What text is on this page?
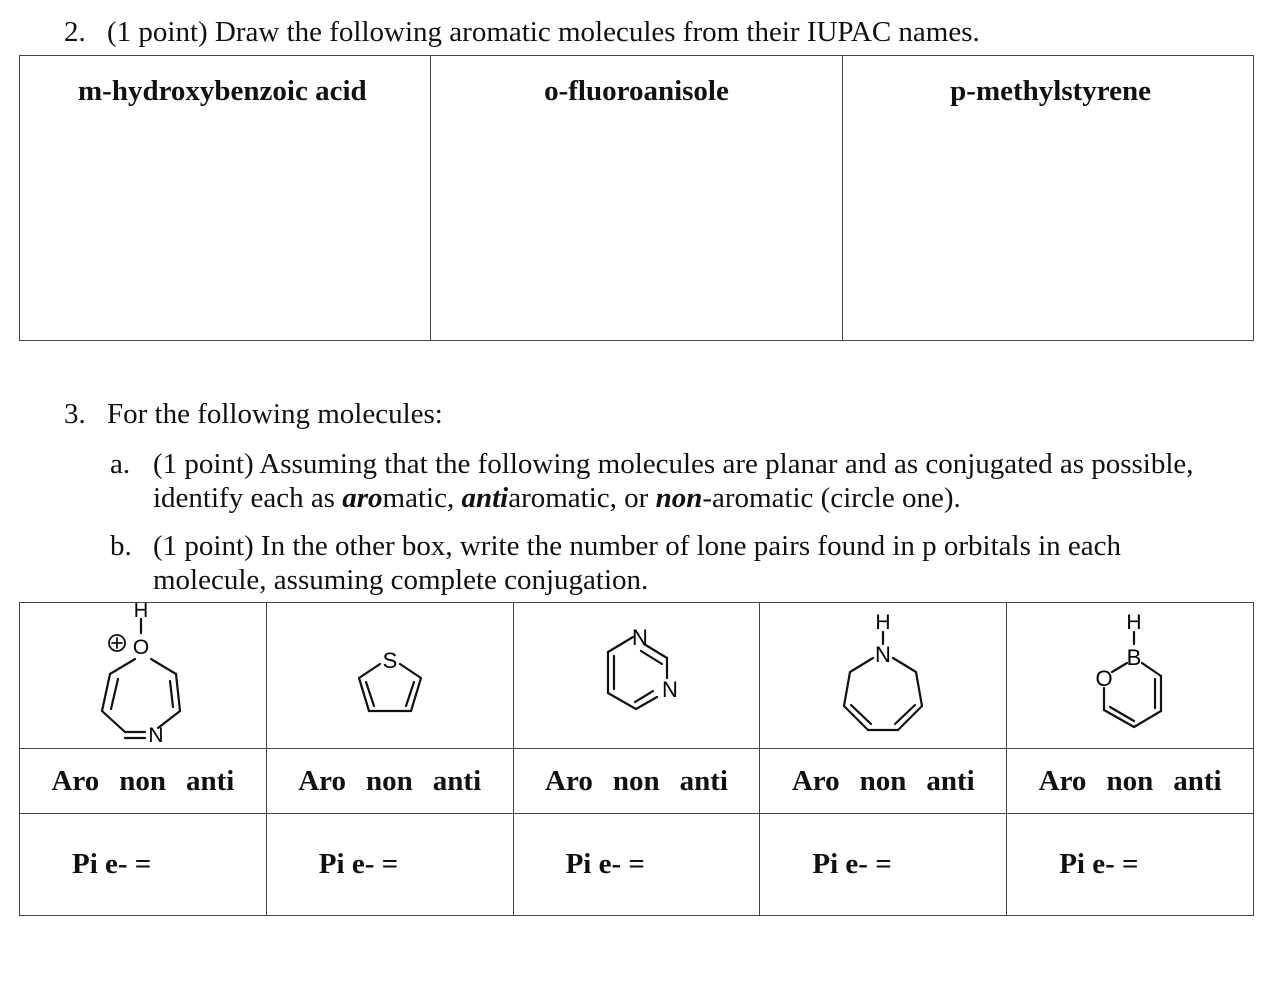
2. (1 point) Draw the following aromatic molecules from their IUPAC names.
m-hydroxybenzoic acid	o-fluoroanisole	p-methylstyrene
3. For the following molecules:
a. (1 point) Assuming that the following molecules are planar and as conjugated as possible,
identify each as aromatic, antiaromatic, or non-aromatic (circle one).
b. (1 point) In the other box, write the number of lone pairs found in p orbitals in each
molecule, assuming complete conjugation.
H
O
N	S	N
N	H
N	H
B
O

Aro non anti	Aro non anti	Aro non anti	Aro non anti	Aro non anti
Pi e- =	Pi e- =	Pi e- =	Pi e- =	Pi e- =
